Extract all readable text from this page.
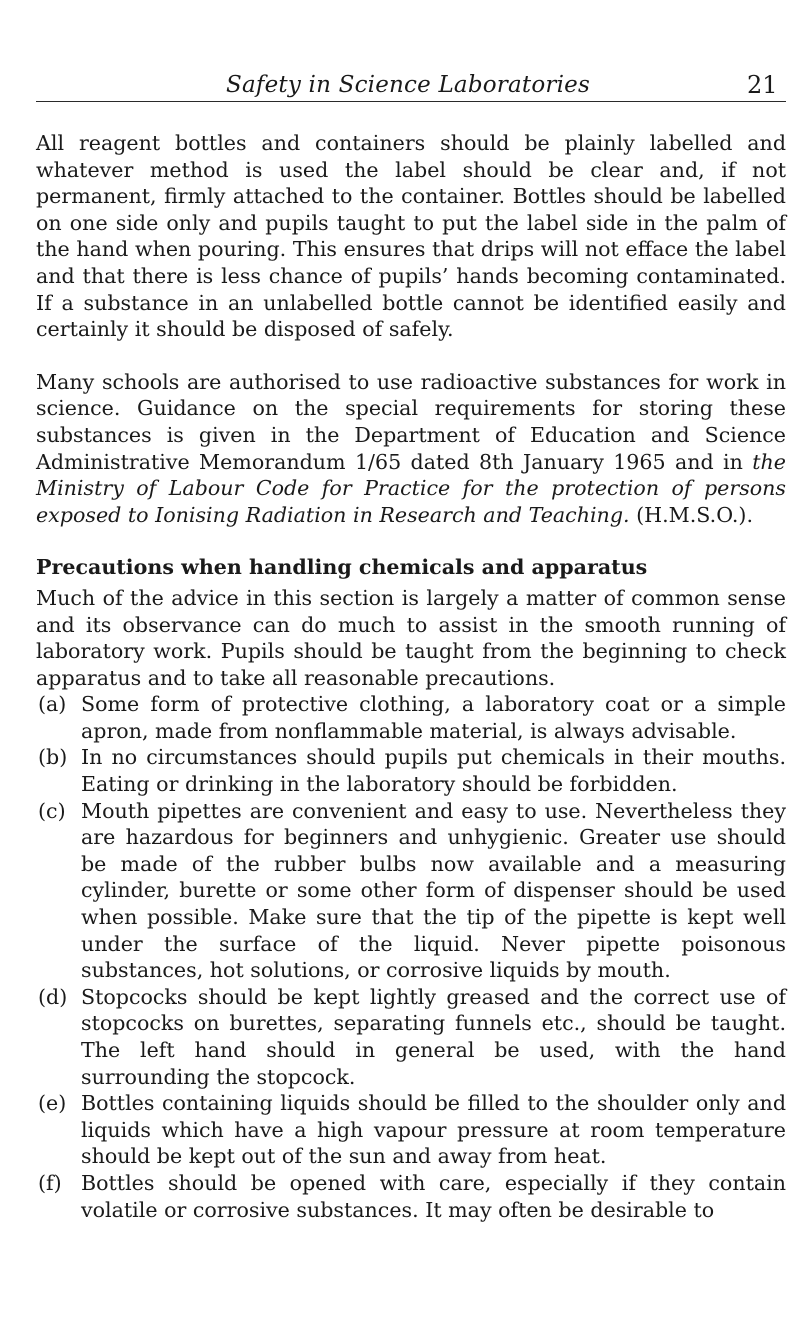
Safety in Science Laboratories	21

All reagent bottles and containers should be plainly labelled and whatever method is used the label should be clear and, if not permanent, firmly attached to the container. Bottles should be labelled on one side only and pupils taught to put the label side in the palm of the hand when pouring. This ensures that drips will not efface the label and that there is less chance of pupils’ hands becoming contaminated. If a substance in an unlabelled bottle cannot be identified easily and certainly it should be disposed of safely.

Many schools are authorised to use radioactive substances for work in science. Guidance on the special requirements for storing these substances is given in the Department of Education and Science Administrative Memorandum 1/65 dated 8th January 1965 and in the Ministry of Labour Code for Practice for the protection of persons exposed to Ionising Radiation in Research and Teaching. (H.M.S.O.).

Precautions when handling chemicals and apparatus

Much of the advice in this section is largely a matter of common sense and its observance can do much to assist in the smooth running of laboratory work. Pupils should be taught from the beginning to check apparatus and to take all reasonable precautions.

(a) Some form of protective clothing, a laboratory coat or a simple apron, made from nonflammable material, is always advisable.
(b) In no circumstances should pupils put chemicals in their mouths. Eating or drinking in the laboratory should be forbidden.
(c) Mouth pipettes are convenient and easy to use. Nevertheless they are hazardous for beginners and unhygienic. Greater use should be made of the rubber bulbs now available and a measuring cylinder, burette or some other form of dispenser should be used when possible. Make sure that the tip of the pipette is kept well under the surface of the liquid. Never pipette poisonous substances, hot solutions, or corrosive liquids by mouth.
(d) Stopcocks should be kept lightly greased and the correct use of stopcocks on burettes, separating funnels etc., should be taught. The left hand should in general be used, with the hand surrounding the stopcock.
(e) Bottles containing liquids should be filled to the shoulder only and liquids which have a high vapour pressure at room temperature should be kept out of the sun and away from heat.
(f) Bottles should be opened with care, especially if they contain volatile or corrosive substances. It may often be desirable to
